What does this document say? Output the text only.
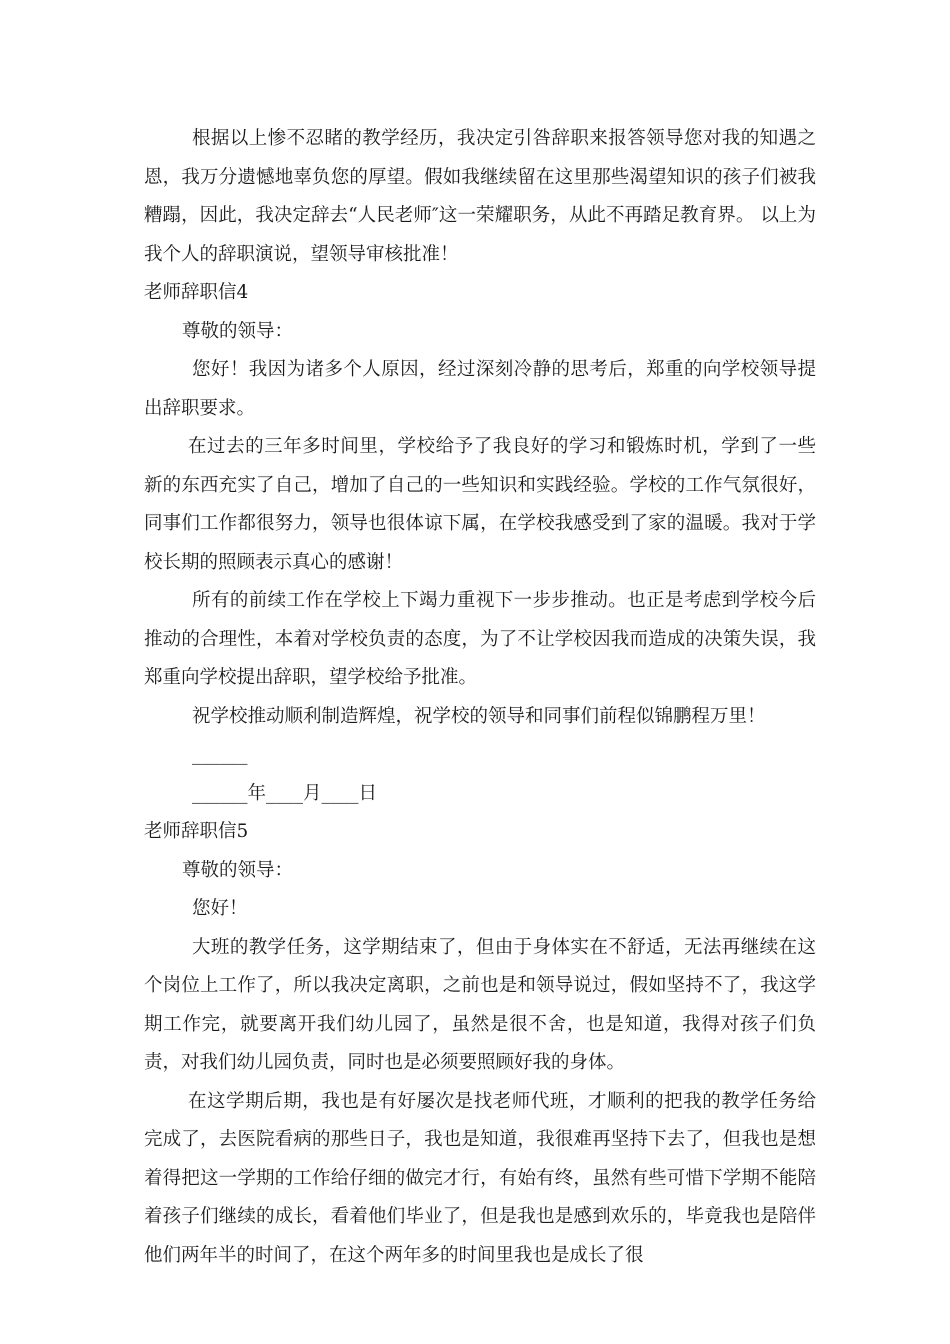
根据以上惨不忍睹的教学经历，我决定引咎辞职来报答领导您对我的知遇之恩，我万分遗憾地辜负您的厚望。假如我继续留在这里那些渴望知识的孩子们被我糟蹋，因此，我决定辞去“人民老师″这一荣耀职务，从此不再踏足教育界。 以上为我个人的辞职演说，望领导审核批准！

老师辞职信4

尊敬的领导：

您好！我因为诸多个人原因，经过深刻冷静的思考后，郑重的向学校领导提出辞职要求。

在过去的三年多时间里，学校给予了我良好的学习和锻炼时机，学到了一些新的东西充实了自己，增加了自己的一些知识和实践经验。学校的工作气氛很好，同事们工作都很努力，领导也很体谅下属，在学校我感受到了家的温暖。我对于学校长期的照顾表示真心的感谢！

所有的前续工作在学校上下竭力重视下一步步推动。也正是考虑到学校今后推动的合理性，本着对学校负责的态度，为了不让学校因我而造成的决策失误，我郑重向学校提出辞职，望学校给予批准。

祝学校推动顺利制造辉煌，祝学校的领导和同事们前程似锦鹏程万里！

______

______年____月____日

老师辞职信5

尊敬的领导：

您好！

大班的教学任务，这学期结束了，但由于身体实在不舒适，无法再继续在这个岗位上工作了，所以我决定离职，之前也是和领导说过，假如坚持不了，我这学期工作完，就要离开我们幼儿园了，虽然是很不舍，也是知道，我得对孩子们负责，对我们幼儿园负责，同时也是必须要照顾好我的身体。

在这学期后期，我也是有好屡次是找老师代班，才顺利的把我的教学任务给完成了，去医院看病的那些日子，我也是知道，我很难再坚持下去了，但我也是想着得把这一学期的工作给仔细的做完才行，有始有终，虽然有些可惜下学期不能陪着孩子们继续的成长，看着他们毕业了，但是我也是感到欢乐的，毕竟我也是陪伴他们两年半的时间了，在这个两年多的时间里我也是成长了很
